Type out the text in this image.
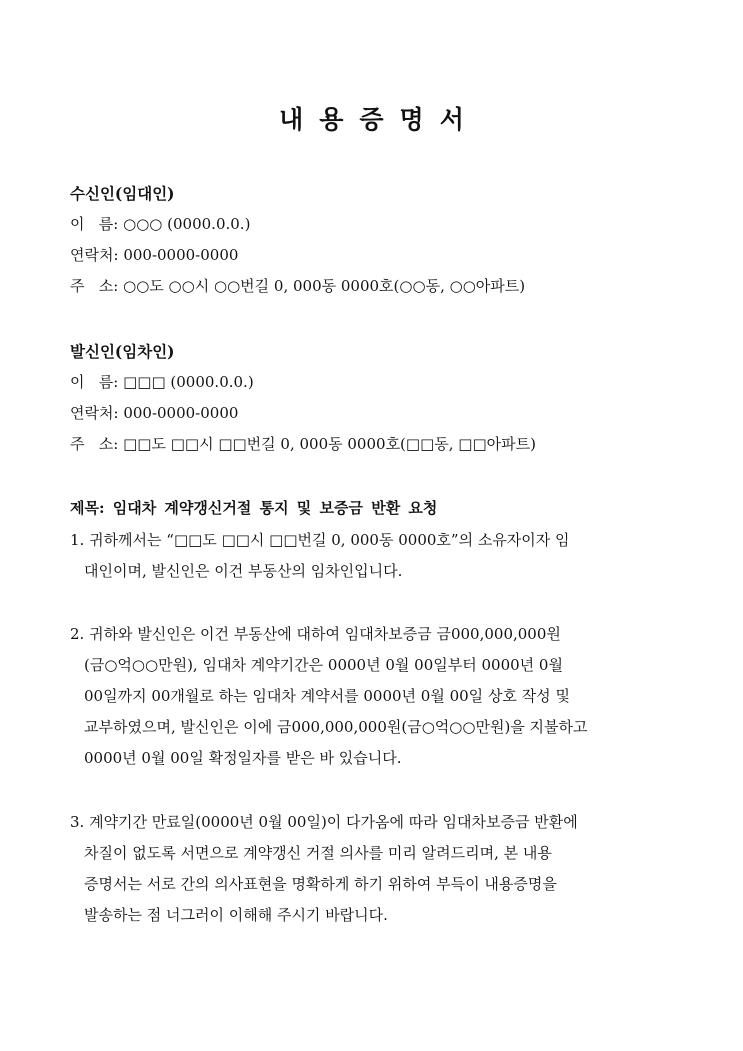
내용증명서
수신인(임대인)
이   름: ○○○ (0000.0.0.)
연락처: 000-0000-0000
주   소: ○○도 ○○시 ○○번길 0, 000동 0000호(○○동, ○○아파트)
발신인(임차인)
이   름: □□□ (0000.0.0.)
연락처: 000-0000-0000
주   소: □□도 □□시 □□번길 0, 000동 0000호(□□동, □□아파트)
제목: 임대차 계약갱신거절 통지 및 보증금 반환 요청

1. 귀하께서는 “□□도 □□시 □□번길 0, 000동 0000호”의 소유자이자 임

대인이며, 발신인은 이건 부동산의 임차인입니다.

2. 귀하와 발신인은 이건 부동산에 대하여 임대차보증금 금000,000,000원

(금○억○○만원), 임대차 계약기간은 0000년 0월 00일부터 0000년 0월

00일까지 00개월로 하는 임대차 계약서를 0000년 0월 00일 상호 작성 및

교부하였으며, 발신인은 이에 금000,000,000원(금○억○○만원)을 지불하고

0000년 0월 00일 확정일자를 받은 바 있습니다.

3. 계약기간 만료일(0000년 0월 00일)이 다가옴에 따라 임대차보증금 반환에

차질이 없도록 서면으로 계약갱신 거절 의사를 미리 알려드리며, 본 내용

증명서는 서로 간의 의사표현을 명확하게 하기 위하여 부득이 내용증명을

발송하는 점 너그러이 이해해 주시기 바랍니다.
